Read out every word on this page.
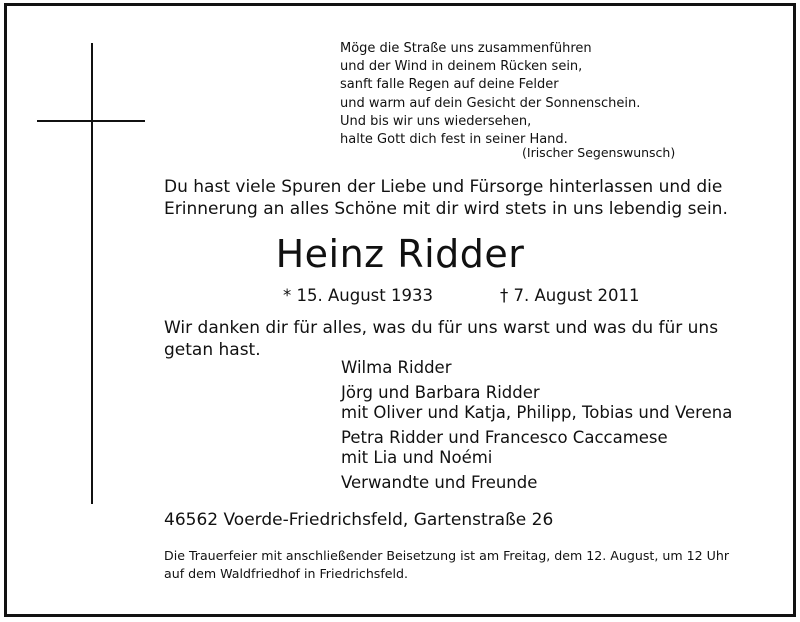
Möge die Straße uns zusammenführen
und der Wind in deinem Rücken sein,
sanft falle Regen auf deine Felder
und warm auf dein Gesicht der Sonnenschein.
Und bis wir uns wiedersehen,
halte Gott dich fest in seiner Hand.
(Irischer Segenswunsch)
Du hast viele Spuren der Liebe und Fürsorge hinterlassen und die
Erinnerung an alles Schöne mit dir wird stets in uns lebendig sein.
Heinz Ridder
* 15. August 1933	† 7. August 2011
Wir danken dir für alles, was du für uns warst und was du für uns
getan hast.
Wilma Ridder
Jörg und Barbara Ridder
mit Oliver und Katja, Philipp, Tobias und Verena
Petra Ridder und Francesco Caccamese
mit Lia und Noémi
Verwandte und Freunde
46562 Voerde-Friedrichsfeld, Gartenstraße 26
Die Trauerfeier mit anschließender Beisetzung ist am Freitag, dem 12. August, um 12 Uhr
auf dem Waldfriedhof in Friedrichsfeld.
